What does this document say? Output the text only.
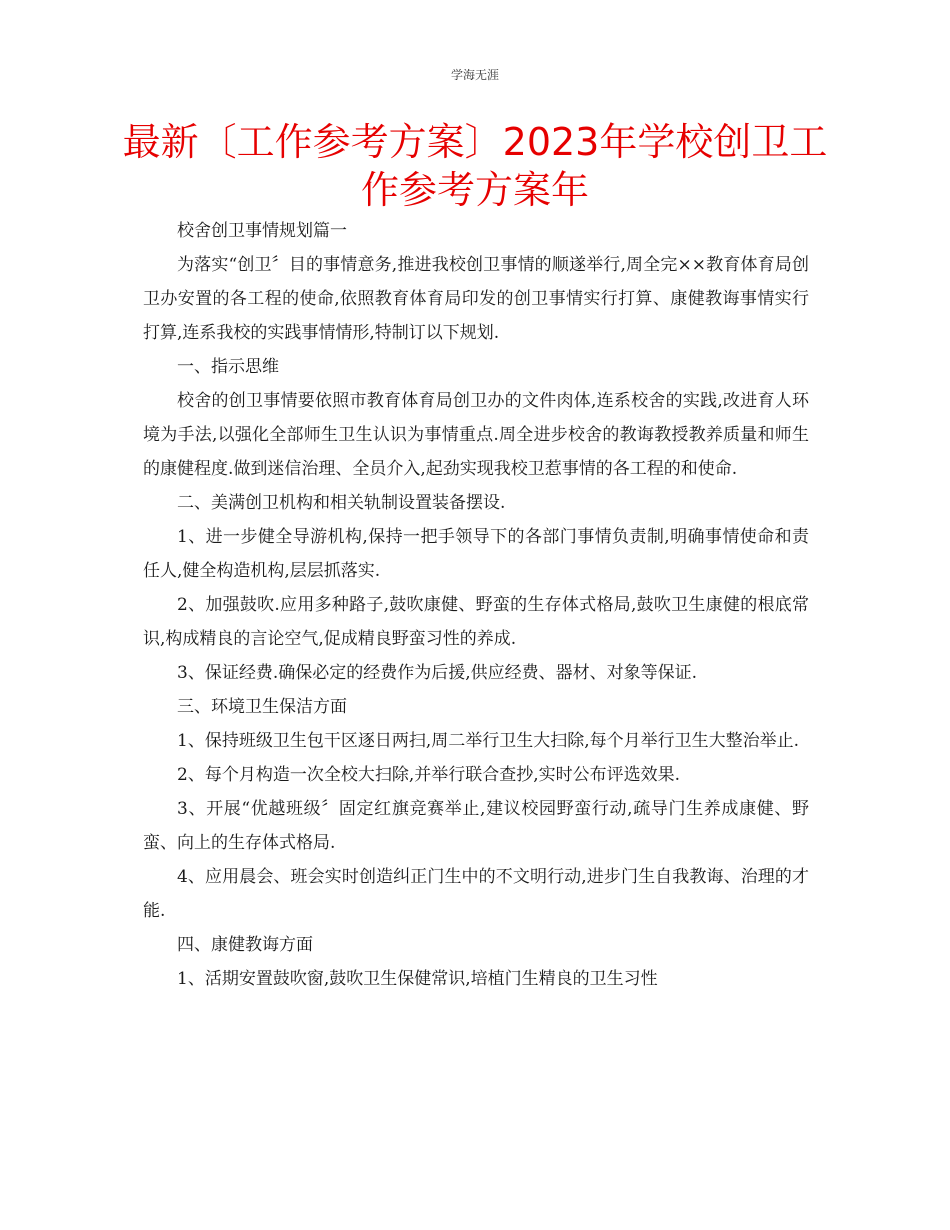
学海无涯
最新〔工作参考方案〕2023年学校创卫工作参考方案年

校舍创卫事情规划篇一

为落实“创卫〞目的事情意务,推进我校创卫事情的顺遂举行,周全完××教育体育局创卫办安置的各工程的使命,依照教育体育局印发的创卫事情实行打算、康健教诲事情实行打算,连系我校的实践事情情形,特制订以下规划.

一、指示思维

校舍的创卫事情要依照市教育体育局创卫办的文件肉体,连系校舍的实践,改进育人环境为手法,以强化全部师生卫生认识为事情重点.周全进步校舍的教诲教授教养质量和师生的康健程度.做到迷信治理、全员介入,起劲实现我校卫惹事情的各工程的和使命.

二、美满创卫机构和相关轨制设置装备摆设.

1、进一步健全导游机构,保持一把手领导下的各部门事情负责制,明确事情使命和责任人,健全构造机构,层层抓落实.

2、加强鼓吹.应用多种路子,鼓吹康健、野蛮的生存体式格局,鼓吹卫生康健的根底常识,构成精良的言论空气,促成精良野蛮习性的养成.

3、保证经费.确保必定的经费作为后援,供应经费、器材、对象等保证.

三、环境卫生保洁方面

1、保持班级卫生包干区逐日两扫,周二举行卫生大扫除,每个月举行卫生大整治举止.

2、每个月构造一次全校大扫除,并举行联合查抄,实时公布评选效果.

3、开展“优越班级〞固定红旗竞赛举止,建议校园野蛮行动,疏导门生养成康健、野蛮、向上的生存体式格局.

4、应用晨会、班会实时创造纠正门生中的不文明行动,进步门生自我教诲、治理的才能.

四、康健教诲方面

1、活期安置鼓吹窗,鼓吹卫生保健常识,培植门生精良的卫生习性
